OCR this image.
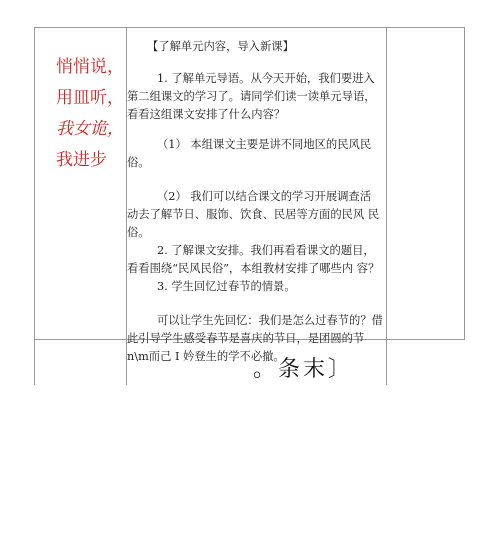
悄悄说，
用皿听，
我女诡，
我进步

【了解单元内容，导入新课】

1. 了解单元导语。从今天开始，我们要进入 第二组课文的学习了。请同学们读一读单元导语， 看看这组课文安排了什么内容？

（1） 本组课文主要是讲不同地区的民风民俗。

（2） 我们可以结合课文的学习开展调查活 动去了解节日、服饰、饮食、民居等方面的民风 民俗。

2. 了解课文安排。我们再看看课文的题目， 看看围绕“民风民俗”，本组教材安排了哪些内 容？

3. 学生回忆过春节的情景。

可以让学生先回忆：我们是怎么过春节的？借此引导学生感受春节是喜庆的节日，是团圆的节 n\m而己 I 妗登生的学不必撤。

。条末〕
